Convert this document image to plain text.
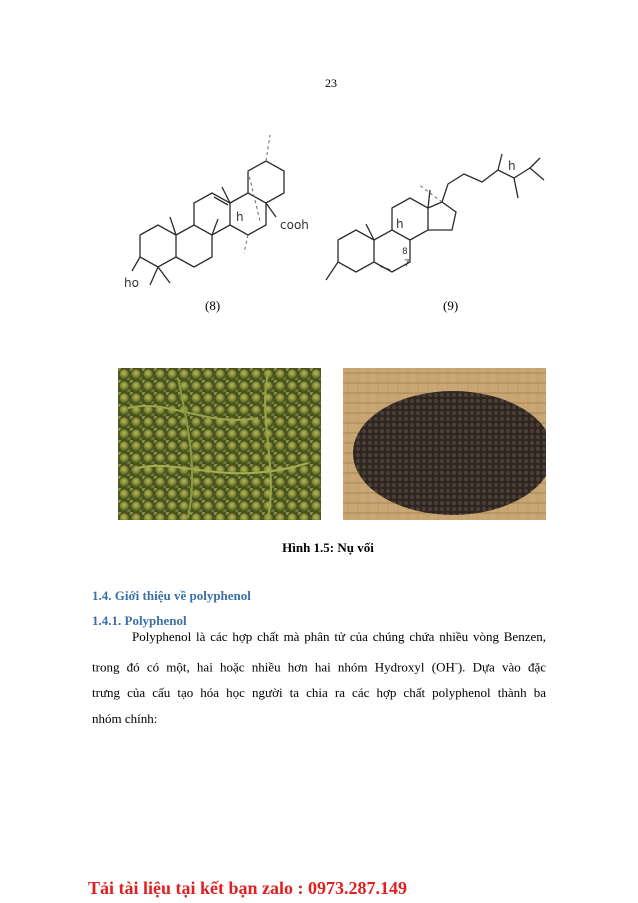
23
h
cooh
ho
(8)
h
h
8
7
(9)
Hình 1.5: Nụ vối
1.4. Giới thiệu về polyphenol
1.4.1. Polyphenol
Polyphenol là các hợp chất mà phân tử của chúng chứa nhiều vòng Benzen,
trong đó có một, hai hoặc nhiều hơn hai nhóm Hydroxyl (OH-). Dựa vào đặc
trưng của cấu tạo hóa học người ta chia ra các hợp chất polyphenol thành ba
nhóm chính:
Tải tài liệu tại kết bạn zalo : 0973.287.149
